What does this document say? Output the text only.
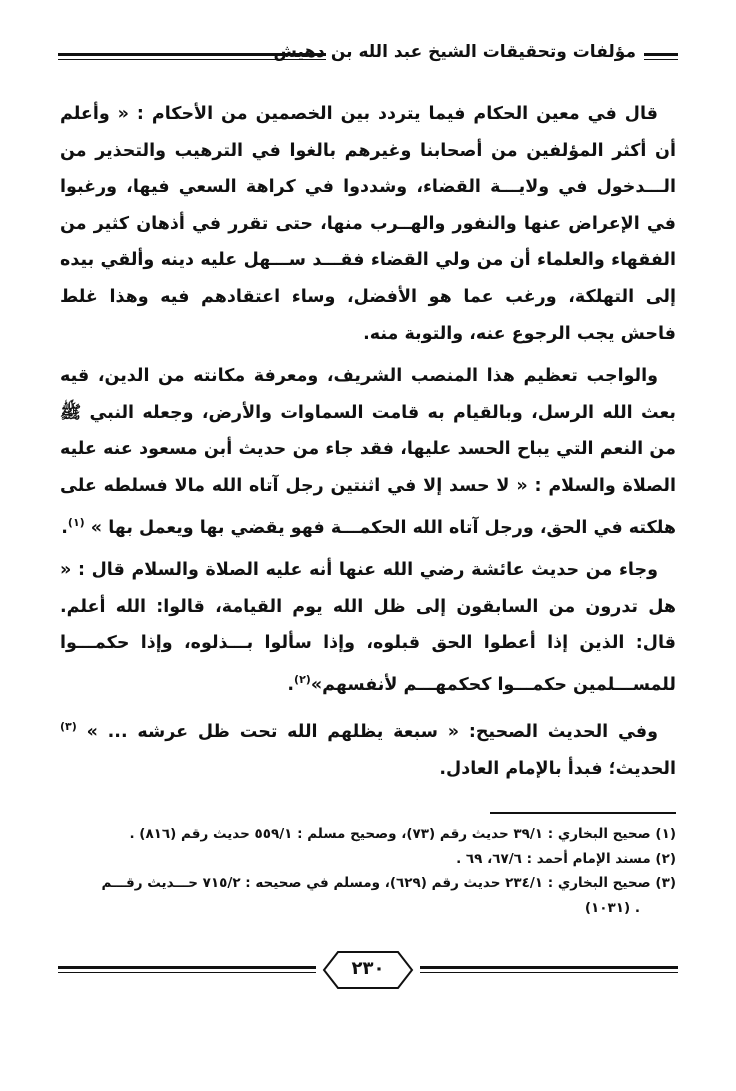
مؤلفات وتحقيقات الشيخ عبد الله بن دهيش

قال في معين الحكام فيما يتردد بين الخصمين من الأحكام : « وأعلم أن أكثر المؤلفين من أصحابنا وغيرهم بالغوا في الترهيب والتحذير من الـــدخول في ولايـــة القضاء، وشددوا في كراهة السعي فيها، ورغبوا في الإعراض عنها والنفور والهــرب منها، حتى تقرر في أذهان كثير من الفقهاء والعلماء أن من ولي القضاء فقـــد ســـهل عليه دينه وألقي بيده إلى التهلكة، ورغب عما هو الأفضل، وساء اعتقادهم فيه وهذا غلط فاحش يجب الرجوع عنه، والتوبة منه.

والواجب تعظيم هذا المنصب الشريف، ومعرفة مكانته من الدين، قيه بعث الله الرسل، وبالقيام به قامت السماوات والأرض، وجعله النبي ﷺ من النعم التي يباح الحسد عليها، فقد جاء من حديث أبن مسعود عنه عليه الصلاة والسلام : « لا حسد إلا في اثنتين رجل آتاه الله مالا فسلطه على هلكته في الحق، ورجل آتاه الله الحكمـــة فهو يقضي بها ويعمل بها » $^{(١)}$.

وجاء من حديث عائشة رضي الله عنها أنه عليه الصلاة والسلام قال : « هل تدرون من السابقون إلى ظل الله يوم القيامة، قالوا: الله أعلم. قال: الذين إذا أعطوا الحق قبلوه، وإذا سألوا بـــذلوه، وإذا حكمـــوا للمســـلمين حكمـــوا كحكمهـــم لأنفسهم»$^{(٢)}$.

وفي الحديث الصحيح: « سبعة يظلهم الله تحت ظل عرشه ... » $^{(٣)}$ الحديث؛ فبدأ بالإمام العادل.

(١) صحيح البخاري : ٣٩/١ حديث رقم (٧٣)، وصحيح مسلم : ٥٥٩/١ حديث رقم (٨١٦) .
(٢) مسند الإمام أحمد : ٦٧/٦، ٦٩ .
(٣) صحيح البخاري : ٢٣٤/١ حديث رقم (٦٢٩)، ومسلم في صحيحه : ٧١٥/٢ حـــديث رقـــم
. (١٠٣١)
٢٣٠
